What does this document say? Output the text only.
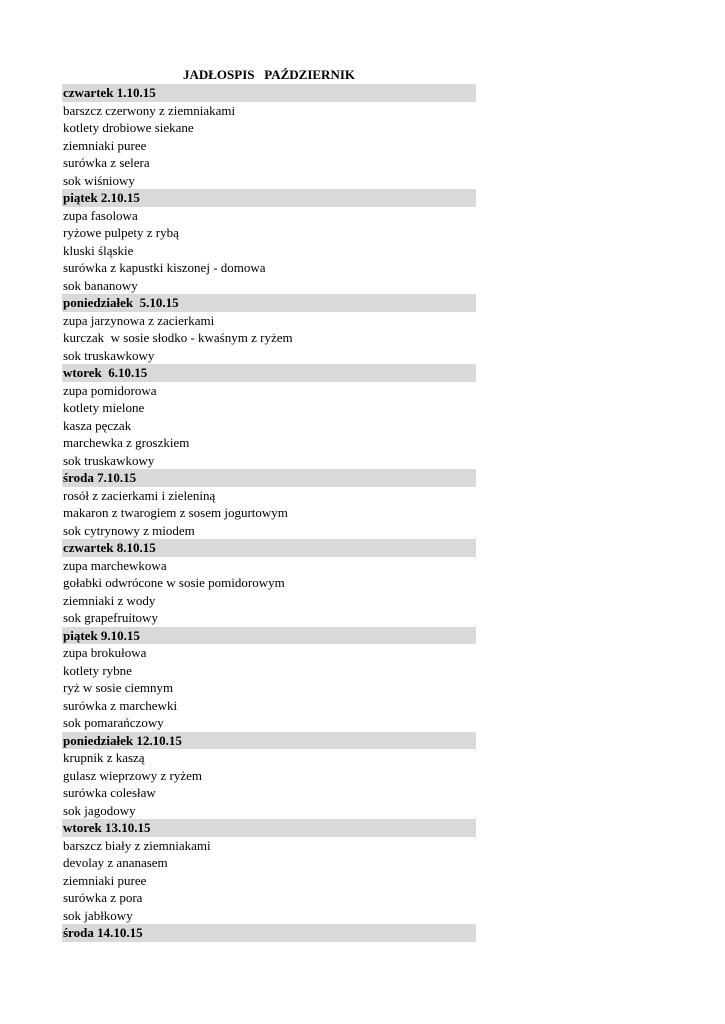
JADŁOSPIS   PAŹDZIERNIK
czwartek 1.10.15
barszcz czerwony z ziemniakami
kotlety drobiowe siekane
ziemniaki puree
surówka z selera
sok wiśniowy
piątek 2.10.15
zupa fasolowa
ryżowe pulpety z rybą
kluski śląskie
surówka z kapustki kiszonej - domowa
sok bananowy
poniedziałek  5.10.15
zupa jarzynowa z zacierkami
kurczak  w sosie słodko - kwaśnym z ryżem
sok truskawkowy
wtorek  6.10.15
zupa pomidorowa
kotlety mielone
kasza pęczak
marchewka z groszkiem
sok truskawkowy
środa 7.10.15
rosół z zacierkami i zieleniną
makaron z twarogiem z sosem jogurtowym
sok cytrynowy z miodem
czwartek 8.10.15
zupa marchewkowa
gołabki odwrócone w sosie pomidorowym
ziemniaki z wody
sok grapefruitowy
piątek 9.10.15
zupa brokułowa
kotlety rybne
ryż w sosie ciemnym
surówka z marchewki
sok pomarańczowy
poniedziałek 12.10.15
krupnik z kaszą
gulasz wieprzowy z ryżem
surówka colesław
sok jagodowy
wtorek 13.10.15
barszcz biały z ziemniakami
devolay z ananasem
ziemniaki puree
surówka z pora
sok jabłkowy
środa 14.10.15
